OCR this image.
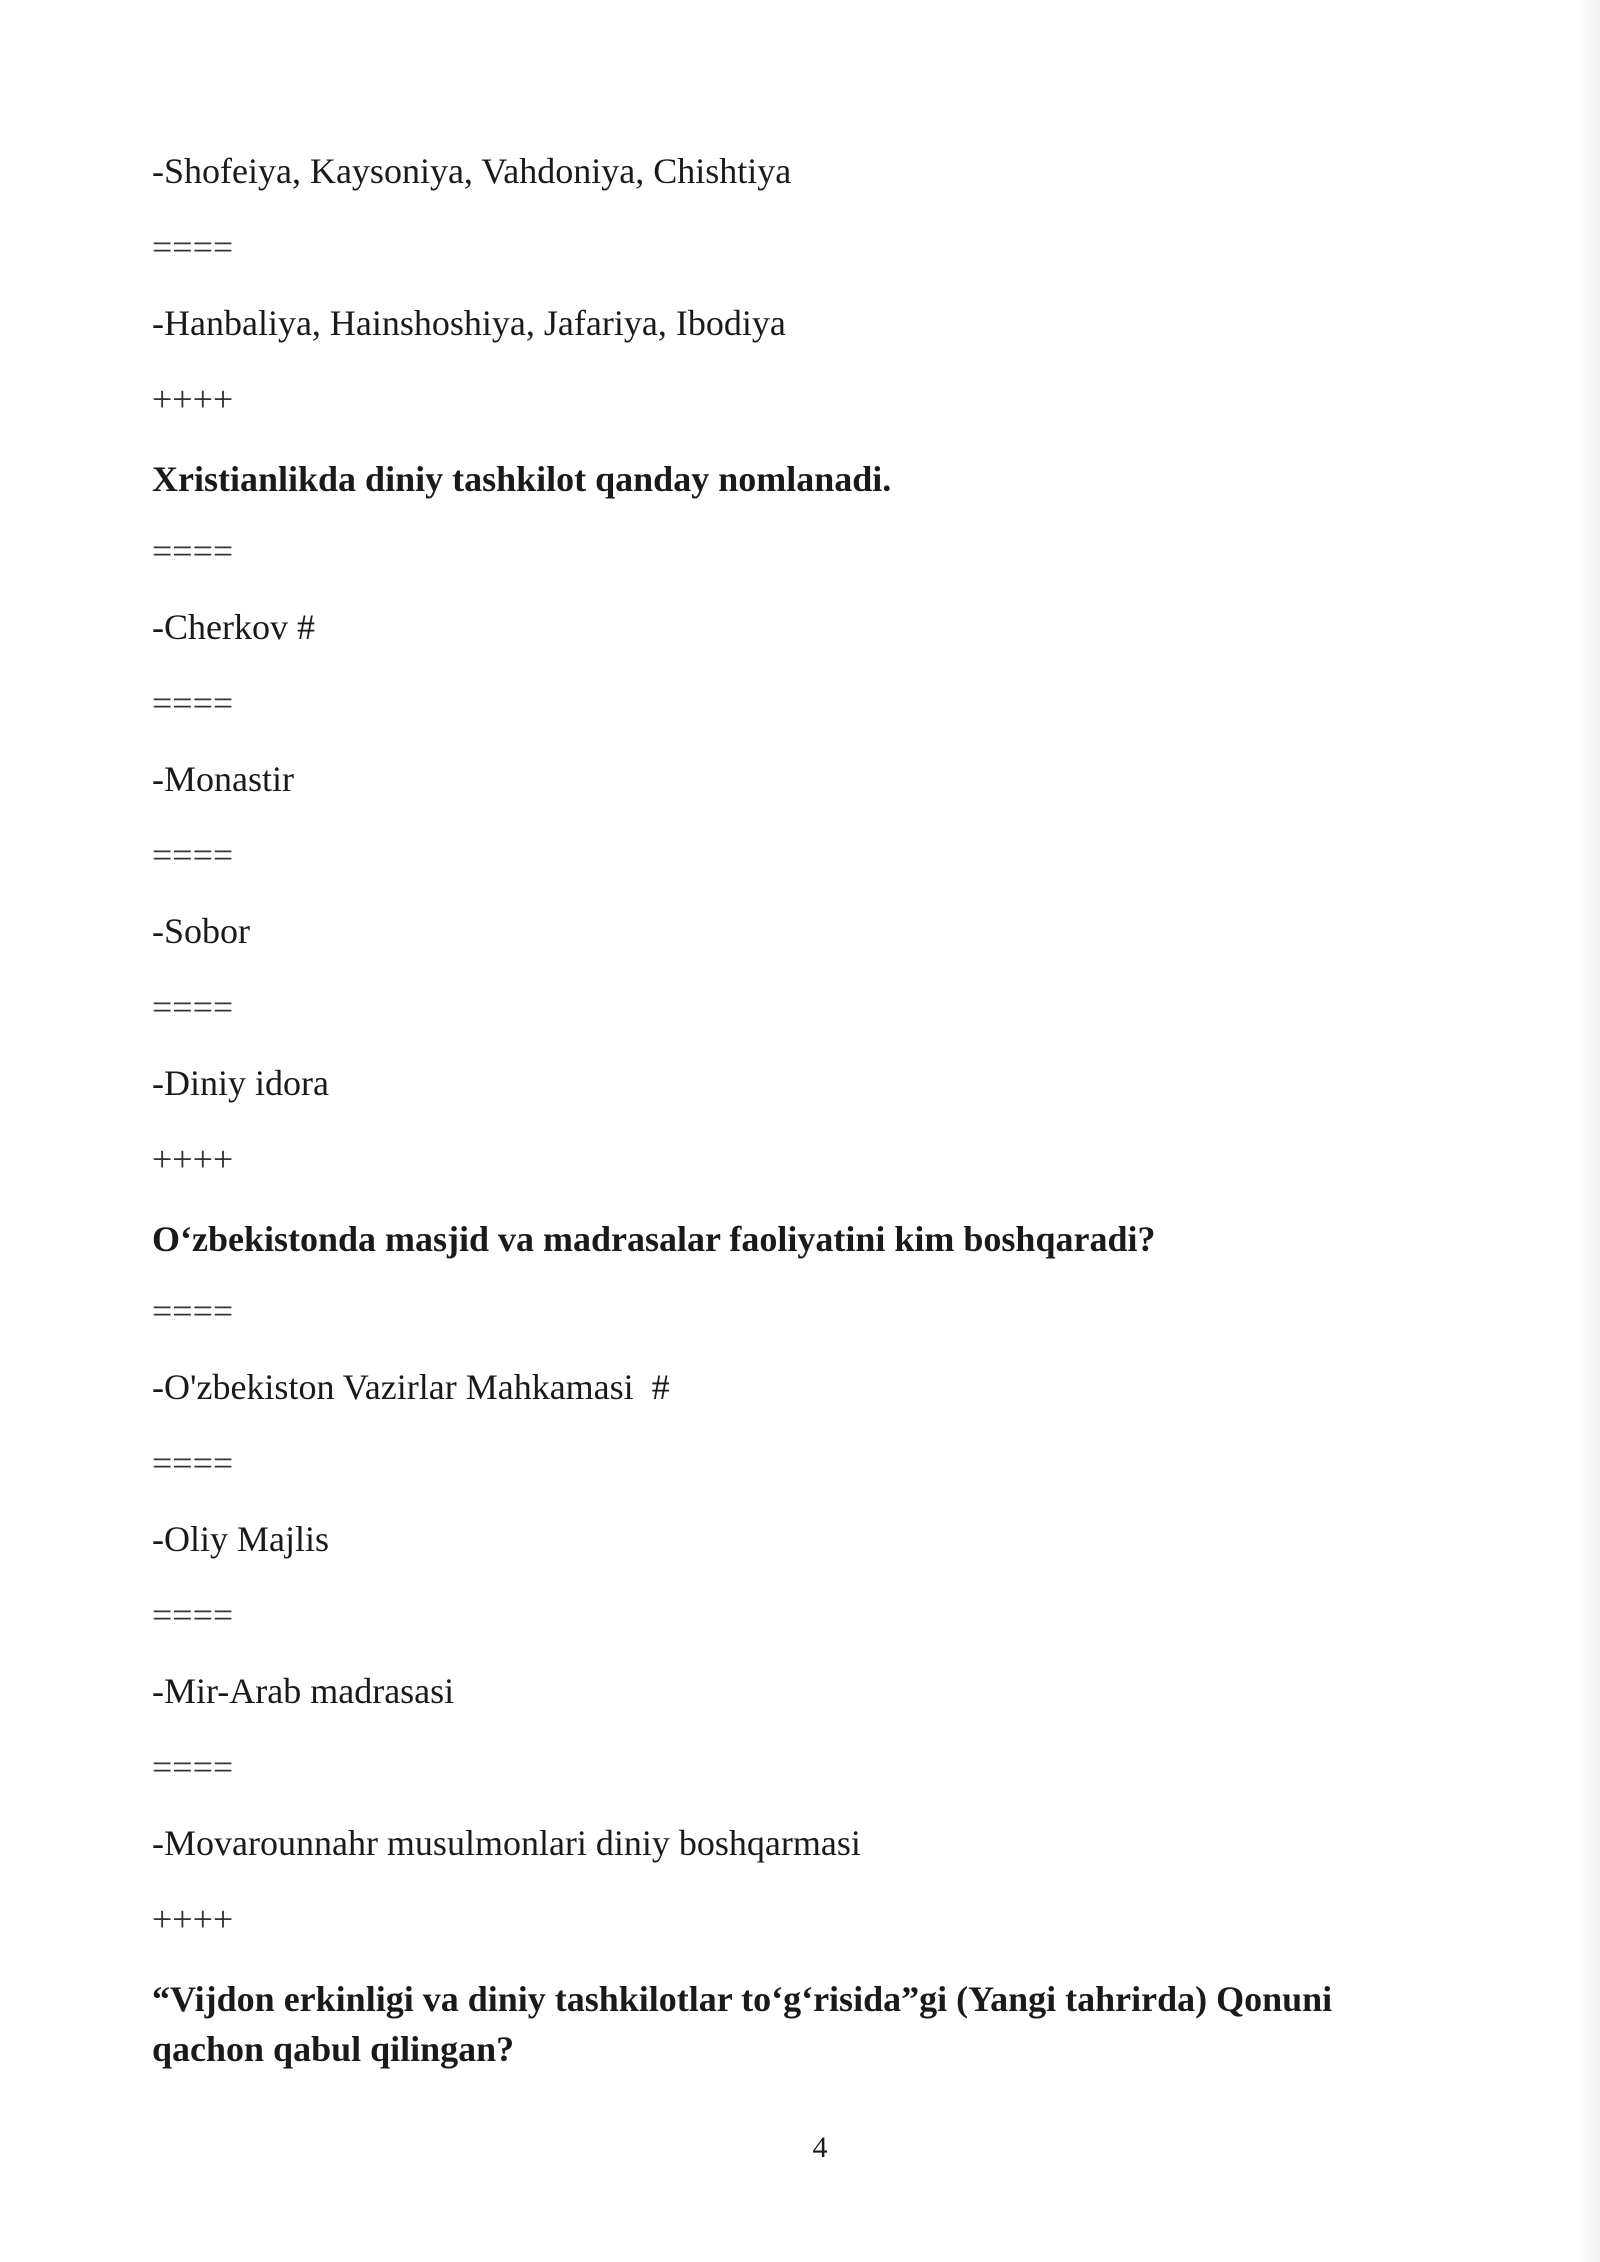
-Shofeiya, Kaysoniya, Vahdoniya, Chishtiya
====
-Hanbaliya, Hainshoshiya, Jafariya, Ibodiya
++++
Xristianlikda diniy tashkilot qanday nomlanadi.
====
-Cherkov #
====
-Monastir
====
-Sobor
====
-Diniy idora
++++
O‘zbekistonda masjid va madrasalar faoliyatini kim boshqaradi?
====
-O'zbekiston Vazirlar Mahkamasi  #
====
-Oliy Majlis
====
-Mir-Arab madrasasi
====
-Movarounnahr musulmonlari diniy boshqarmasi
++++
“Vijdon erkinligi va diniy tashkilotlar to‘g‘risida”gi (Yangi tahrirda) Qonuni qachon qabul qilingan?
4
